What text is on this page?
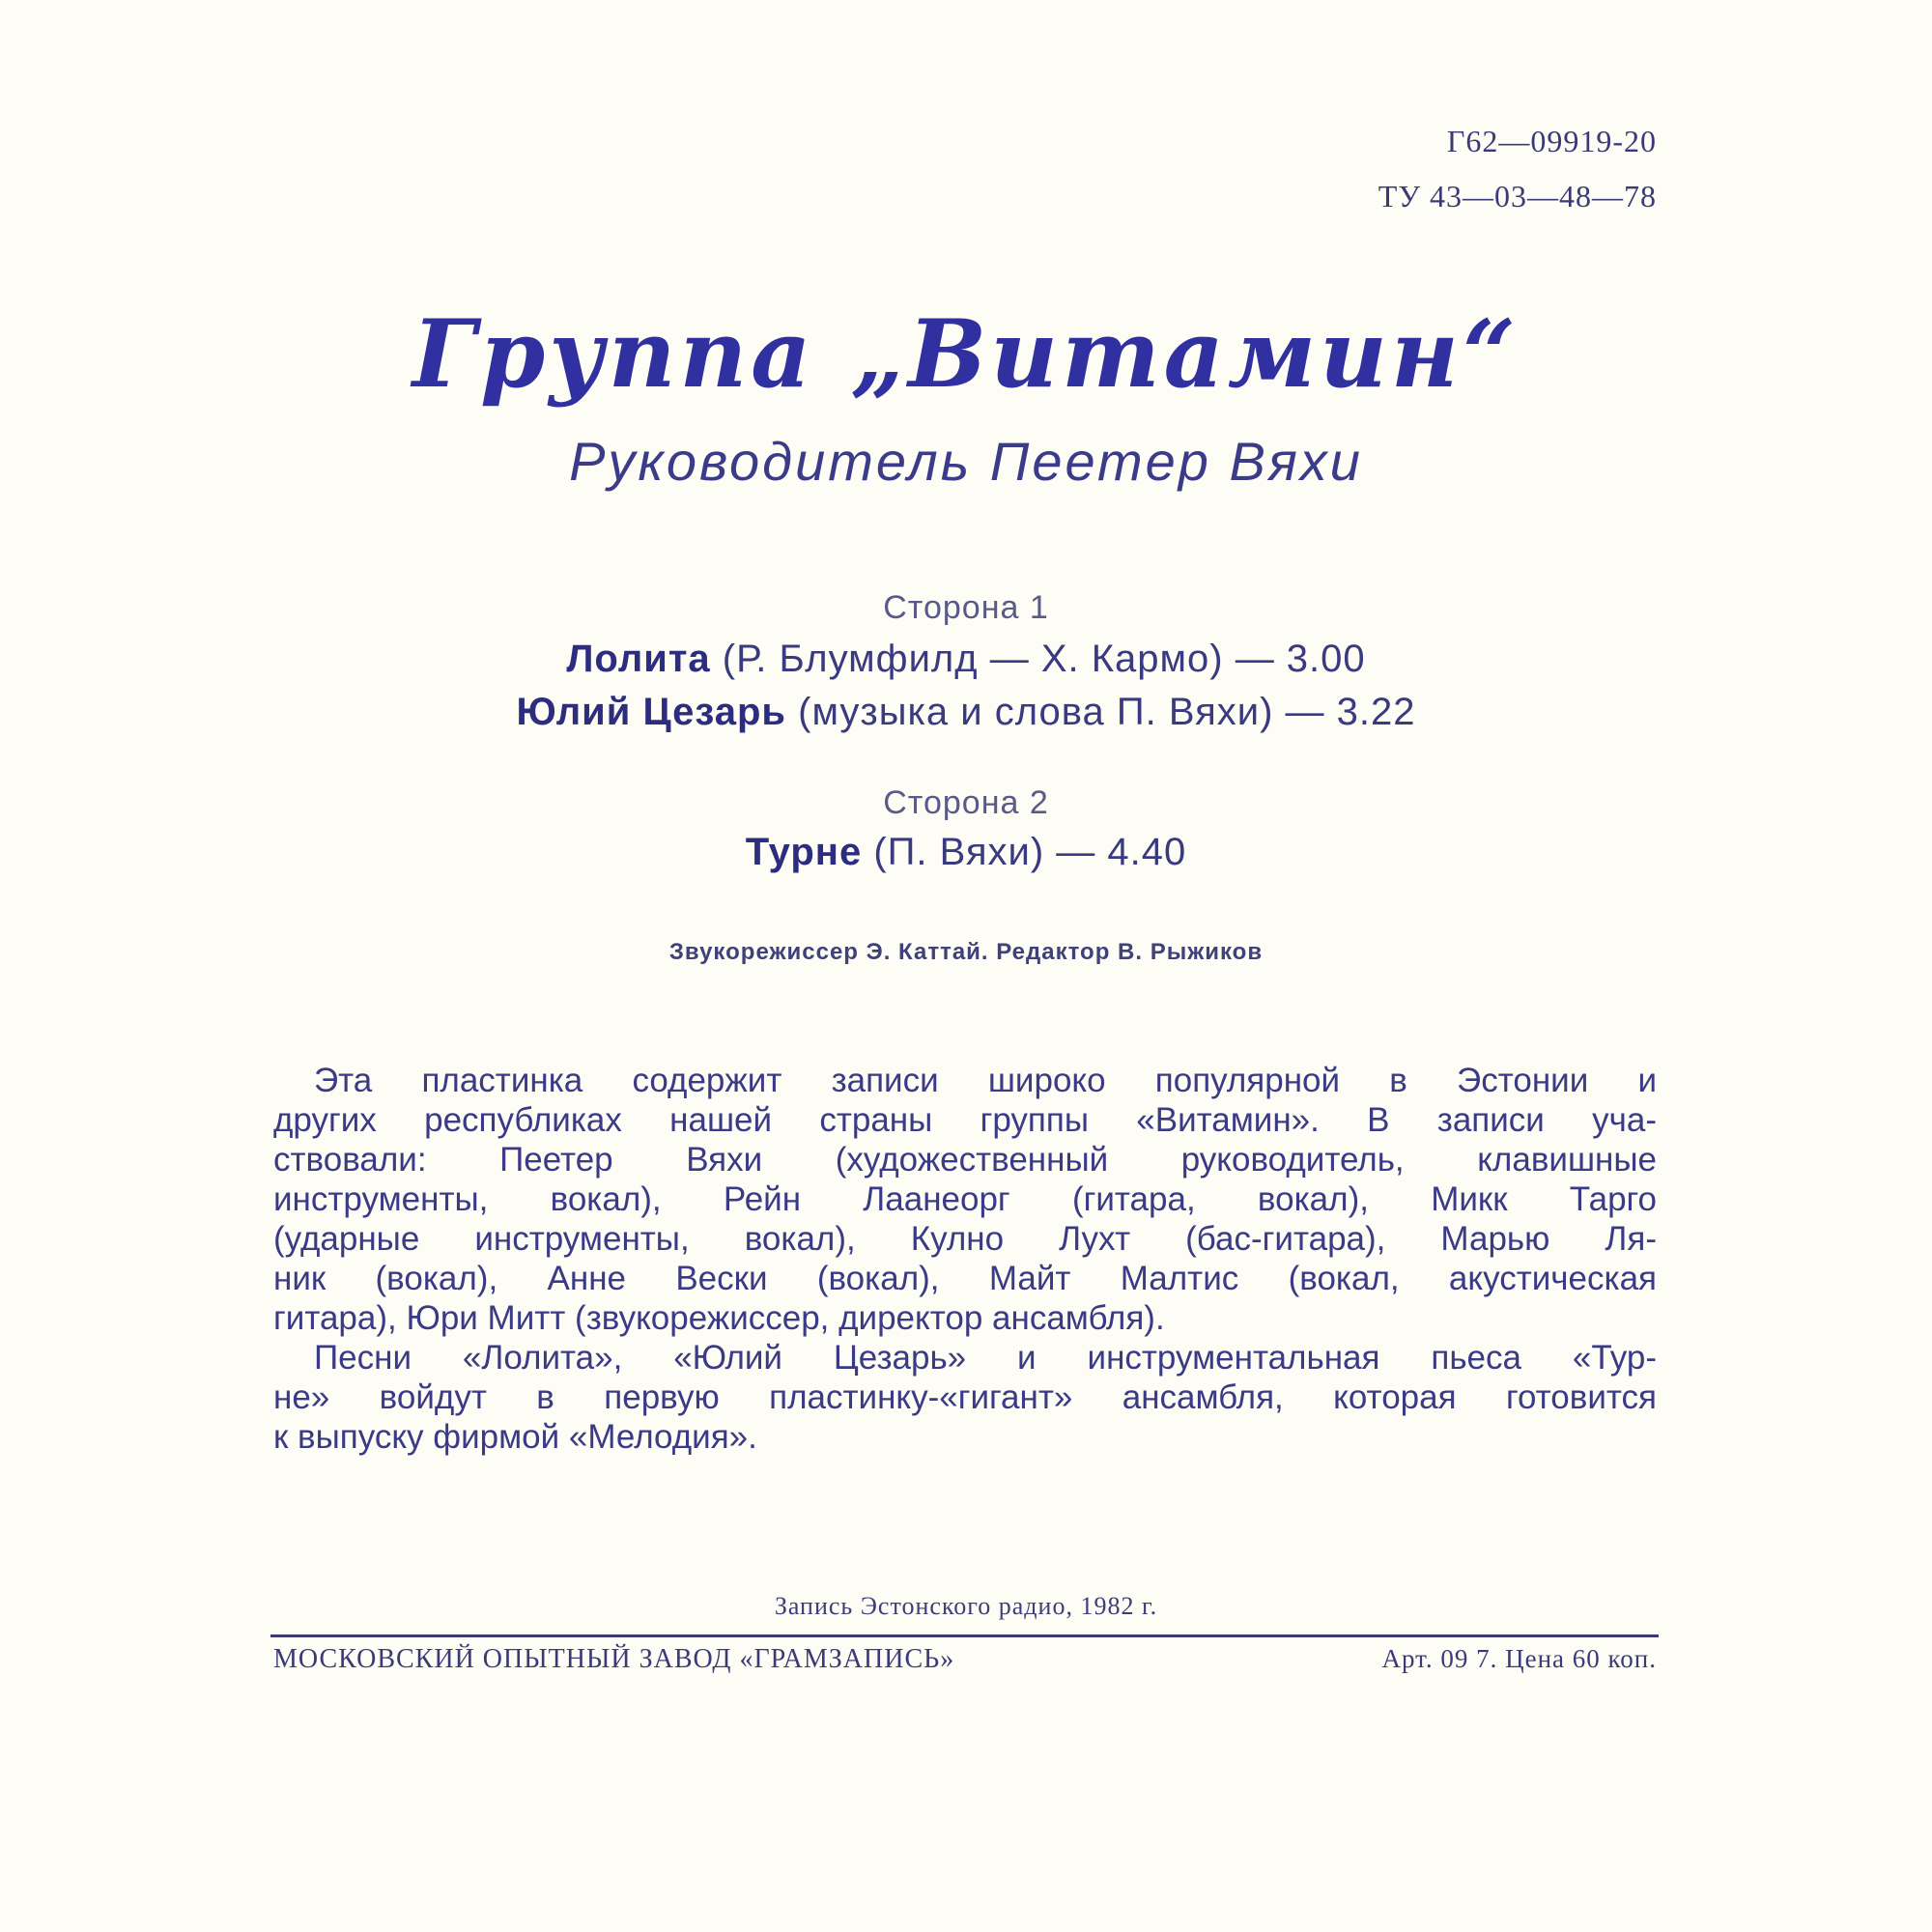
Г62—09919-20
ТУ 43—03—48—78
Группа „Витамин“
Руководитель Пеетер Вяхи
Сторона 1
Лолита (Р. Блумфилд — Х. Кармо) — 3.00
Юлий Цезарь (музыка и слова П. Вяхи) — 3.22
Сторона 2
Турне (П. Вяхи) — 4.40
Звукорежиссер Э. Каттай. Редактор В. Рыжиков
Эта пластинка содержит записи широко популярной в Эстонии и
других республиках нашей страны группы «Витамин». В записи уча-
ствовали: Пеетер Вяхи (художественный руководитель, клавишные
инструменты, вокал), Рейн Лаанеорг (гитара, вокал), Микк Тарго
(ударные инструменты, вокал), Кулно Лухт (бас-гитара), Марью Ля-
ник (вокал), Анне Вески (вокал), Майт Малтис (вокал, акустическая
гитара), Юри Митт (звукорежиссер, директор ансамбля).
Песни «Лолита», «Юлий Цезарь» и инструментальная пьеса «Тур-
не» войдут в первую пластинку-«гигант» ансамбля, которая готовится
к выпуску фирмой «Мелодия».
Запись Эстонского радио, 1982 г.
МОСКОВСКИЙ ОПЫТНЫЙ ЗАВОД «ГРАМЗАПИСЬ»	Арт. 09 7. Цена 60 коп.
